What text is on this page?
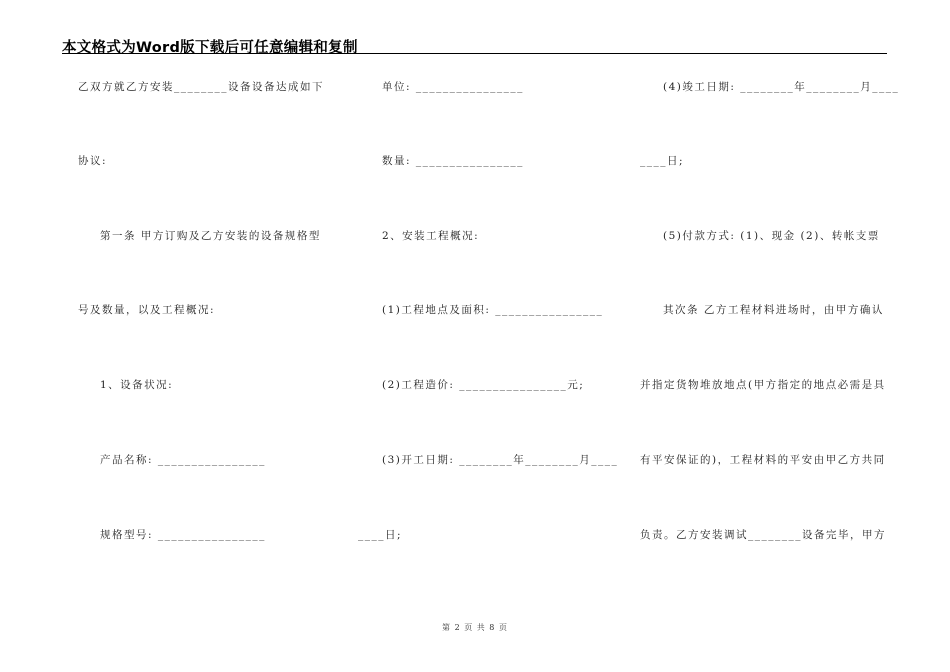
本文格式为Word版下载后可任意编辑和复制
乙双方就乙方安装________设备设备达成如下
协议:
第一条 甲方订购及乙方安装的设备规格型
号及数量，以及工程概况:
1、设备状况:
产品名称: ________________
规格型号: ________________
单位: ________________
数量: ________________
2、安装工程概况:
(1)工程地点及面积: ________________
(2)工程造价: ________________元;
(3)开工日期: ________年________月____
____日;
(4)竣工日期: ________年________月____
____日;
(5)付款方式: (1)、现金 (2)、转帐支票
其次条 乙方工程材料进场时，由甲方确认
并指定货物堆放地点(甲方指定的地点必需是具
有平安保证的)，工程材料的平安由甲乙方共同
负责。乙方安装调试________设备完毕，甲方
第 2 页 共 8 页
